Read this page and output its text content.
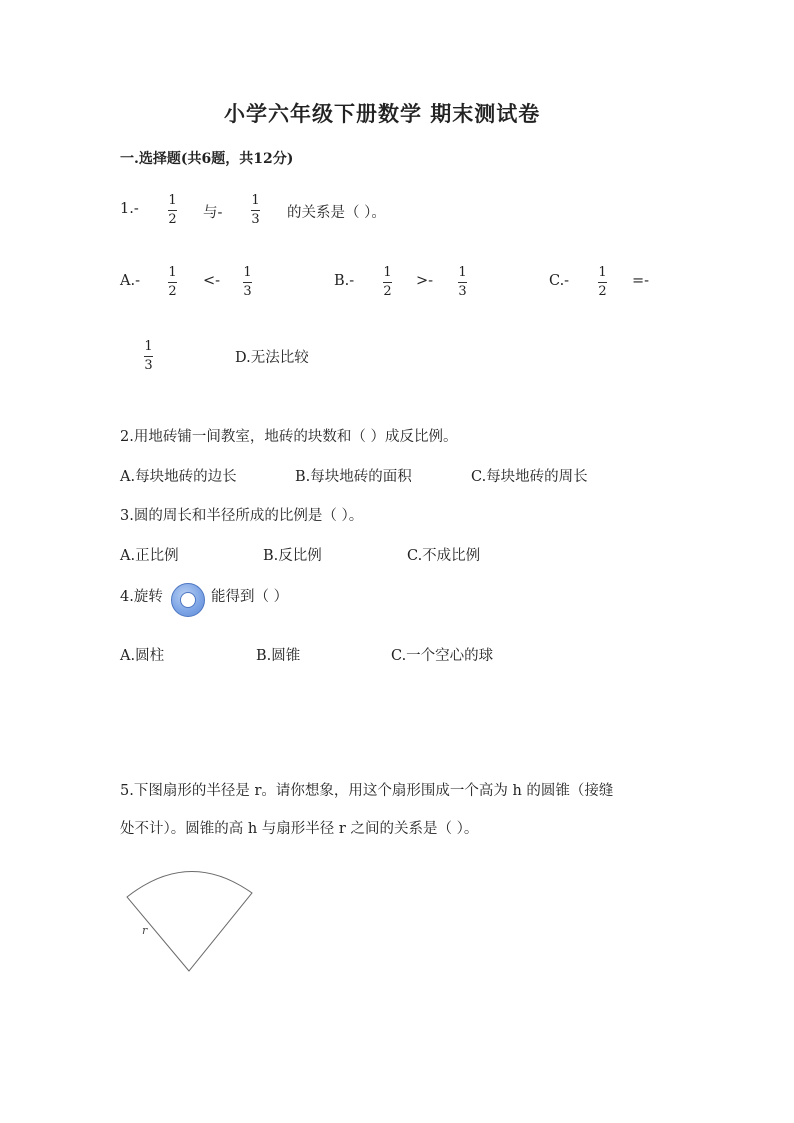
小学六年级下册数学 期末测试卷
一.选择题(共6题，共12分)
1.-
1
2 与-
1
3 的关系是（ ）。
A.-
1
2
<-
1
3
B.-
1
2
>-
1
3
C.-
1
2
=-
1
3	D.无法比较
2.用地砖铺一间教室，地砖的块数和（ ）成反比例。
A.每块地砖的边长	B.每块地砖的面积	C.每块地砖的周长
3.圆的周长和半径所成的比例是（ ）。
A.正比例	B.反比例	C.不成比例
4.旋转	能得到（ ）
A.圆柱	B.圆锥	C.一个空心的球
5.下图扇形的半径是 r。请你想象，用这个扇形围成一个高为 h 的圆锥（接缝
处不计）。圆锥的高 h 与扇形半径 r 之间的关系是（ ）。
r
